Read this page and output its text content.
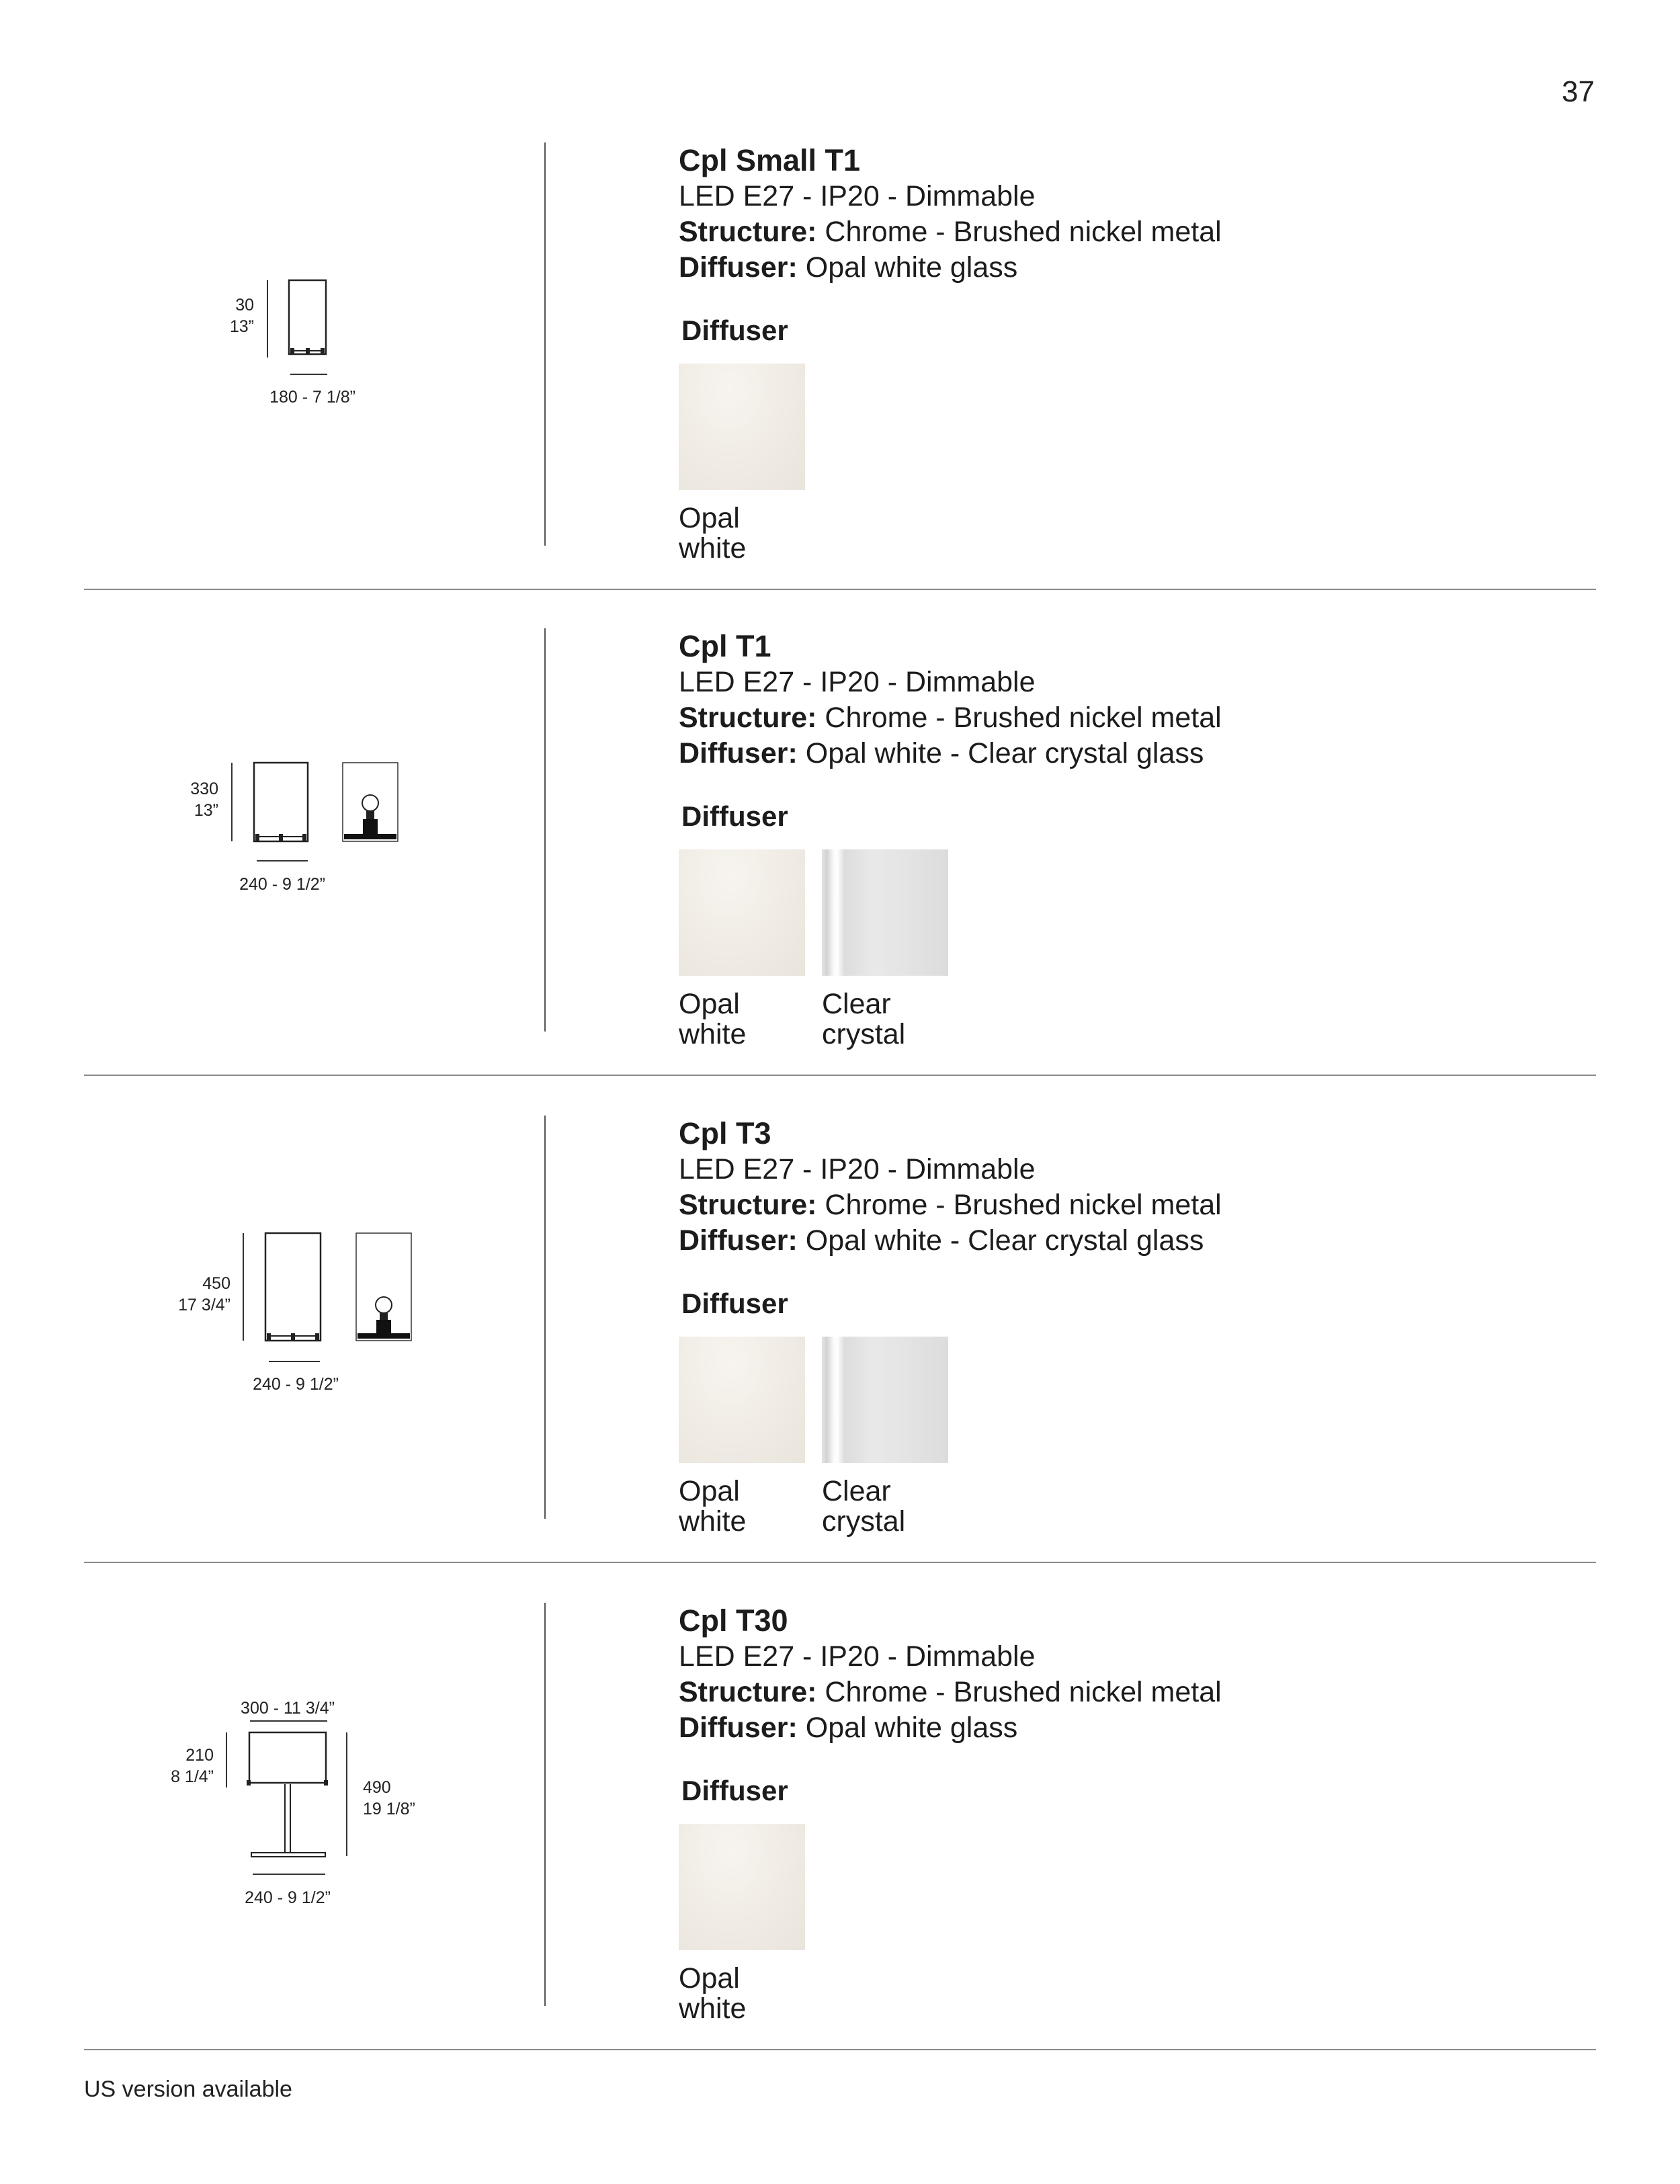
37
30
13”
180 - 7 1/8”

Cpl Small T1

LED E27 - IP20 - Dimmable

Structure: Chrome - Brushed nickel metal

Diffuser: Opal white glass

Diffuser
Opal
white
330
13”
240 - 9 1/2”

Cpl T1

LED E27 - IP20 - Dimmable

Structure: Chrome - Brushed nickel metal

Diffuser: Opal white - Clear crystal glass

Diffuser
Opal
white
Clear
crystal
450
17 3/4”
240 - 9 1/2”

Cpl T3

LED E27 - IP20 - Dimmable

Structure: Chrome - Brushed nickel metal

Diffuser: Opal white - Clear crystal glass

Diffuser
Opal
white
Clear
crystal
300 - 11 3/4”
210
8 1/4”
490
19 1/8”
240 - 9 1/2”

Cpl T30

LED E27 - IP20 - Dimmable

Structure: Chrome - Brushed nickel metal

Diffuser: Opal white glass

Diffuser
Opal
white
US version available
